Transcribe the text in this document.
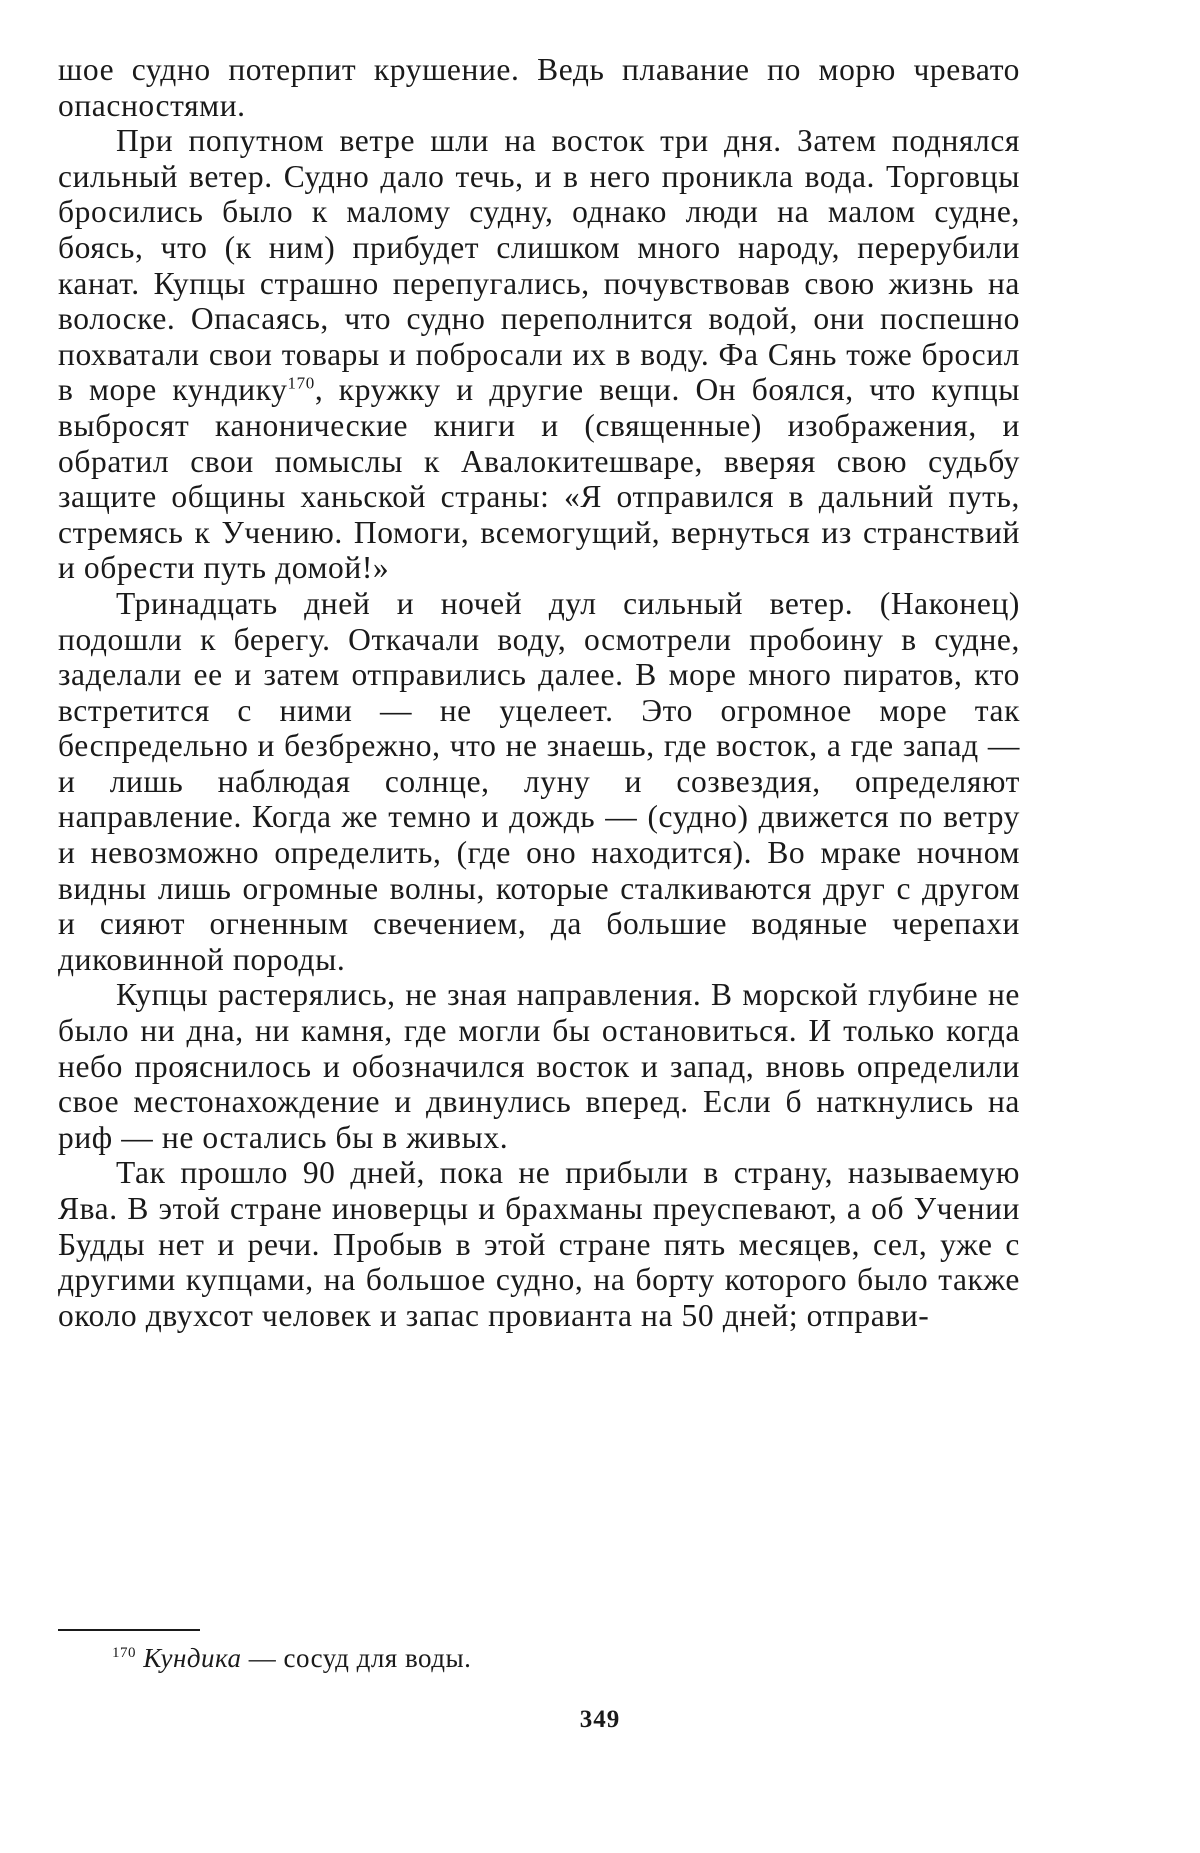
шое судно потерпит крушение. Ведь плавание по морю чревато опасностями.

При попутном ветре шли на восток три дня. Затем поднялся сильный ветер. Судно дало течь, и в него проникла вода. Торговцы бросились было к малому судну, однако люди на малом судне, боясь, что (к ним) прибудет слишком много народу, перерубили канат. Купцы страшно перепугались, почувствовав свою жизнь на волоске. Опасаясь, что судно переполнится водой, они поспешно похватали свои товары и побросали их в воду. Фа Сянь тоже бросил в море кундику$^{170}$, кружку и другие вещи. Он боялся, что купцы выбросят канонические книги и (священные) изображения, и обратил свои помыслы к Авалокитешваре, вверяя свою судьбу защите общины ханьской страны: «Я отправился в дальний путь, стремясь к Учению. Помоги, всемогущий, вернуться из странствий и обрести путь домой!»

Тринадцать дней и ночей дул сильный ветер. (Наконец) подошли к берегу. Откачали воду, осмотрели пробоину в судне, заделали ее и затем отправились далее. В море много пиратов, кто встретится с ними — не уцелеет. Это огромное море так беспредельно и безбрежно, что не знаешь, где восток, а где запад — и лишь наблюдая солнце, луну и созвездия, определяют направление. Когда же темно и дождь — (судно) движется по ветру и невозможно определить, (где оно находится). Во мраке ночном видны лишь огромные волны, которые сталкиваются друг с другом и сияют огненным свечением, да большие водяные черепахи диковинной породы.

Купцы растерялись, не зная направления. В морской глубине не было ни дна, ни камня, где могли бы остановиться. И только когда небо прояснилось и обозначился восток и запад, вновь определили свое местонахождение и двинулись вперед. Если б наткнулись на риф — не остались бы в живых.

Так прошло 90 дней, пока не прибыли в страну, называемую Ява. В этой стране иноверцы и брахманы преуспевают, а об Учении Будды нет и речи. Пробыв в этой стране пять месяцев, сел, уже с другими купцами, на большое судно, на борту которого было также около двухсот человек и запас провианта на 50 дней; отправи-

$^{170}$ Кундика — сосуд для воды.
349
